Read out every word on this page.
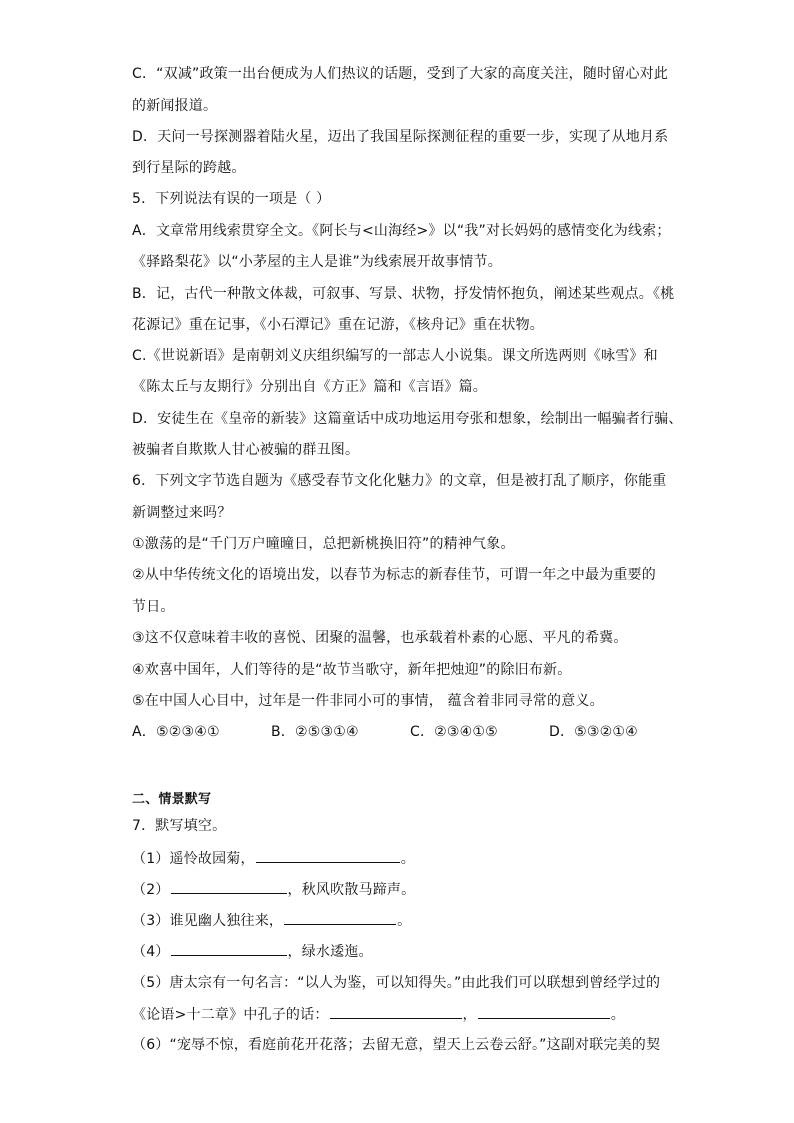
C．“双减”政策一出台便成为人们热议的话题，受到了大家的高度关注，随时留心对此
的新闻报道。
D．天问一号探测器着陆火星，迈出了我国星际探测征程的重要一步，实现了从地月系
到行星际的跨越。
5．下列说法有误的一项是（ ）
A．文章常用线索贯穿全文。《阿长与<山海经>》以“我”对长妈妈的感情变化为线索；
《驿路梨花》以“小茅屋的主人是谁”为线索展开故事情节。
B．记，古代一种散文体裁，可叙事、写景、状物，抒发情怀抱负，阐述某些观点。《桃
花源记》重在记事，《小石潭记》重在记游，《核舟记》重在状物。
C.《世说新语》是南朝刘义庆组织编写的一部志人小说集。课文所选两则《咏雪》和
《陈太丘与友期行》分别出自《方正》篇和《言语》篇。
D．安徒生在《皇帝的新装》这篇童话中成功地运用夸张和想象，绘制出一幅骗者行骗、
被骗者自欺欺人甘心被骗的群丑图。
6．下列文字节选自题为《感受春节文化化魅力》的文章，但是被打乱了顺序，你能重
新调整过来吗？
①激荡的是“千门万户曈曈日，总把新桃换旧符”的精神气象。
②从中华传统文化的语境出发，以春节为标志的新春佳节，可谓一年之中最为重要的
节日。
③这不仅意味着丰收的喜悦、团聚的温馨，也承载着朴素的心愿、平凡的希冀。
④欢喜中国年，人们等待的是“故节当歌守，新年把烛迎”的除旧布新。
⑤在中国人心目中，过年是一件非同小可的事情， 蕴含着非同寻常的意义。
A．⑤②③④①	B．②⑤③①④	C．②③④①⑤	D．⑤③②①④
二、情景默写
7．默写填空。
（1）遥怜故园菊，	。
（2）	，秋风吹散马蹄声。
（3）谁见幽人独往来，	。
（4）	，绿水逶迤。
（5）唐太宗有一句名言：“以人为鉴，可以知得失。”由此我们可以联想到曾经学过的
《论语>十二章》中孔子的话：	，	。
（6）“宠辱不惊，看庭前花开花落；去留无意，望天上云卷云舒。”这副对联完美的契
